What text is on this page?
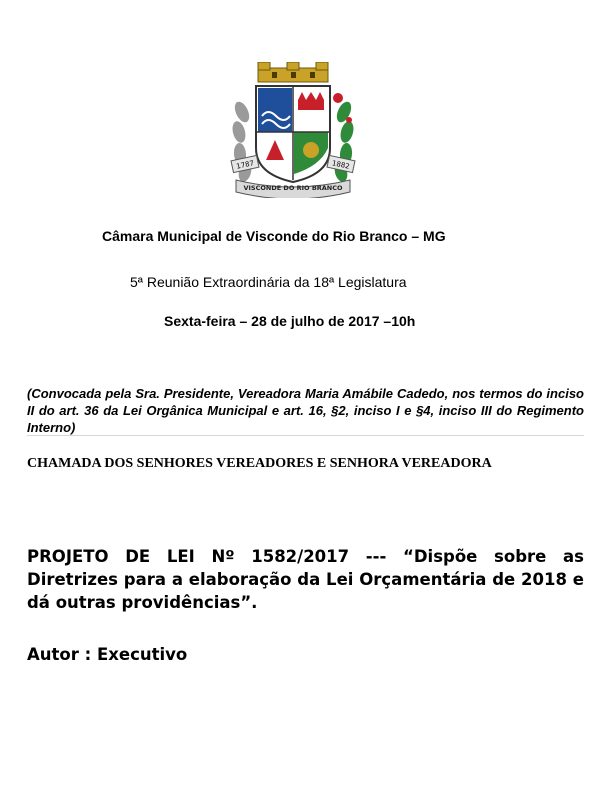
1787	1882
VISCONDE DO RIO BRANCO
Câmara Municipal de Visconde do Rio Branco – MG
5ª Reunião Extraordinária da 18ª Legislatura
Sexta-feira – 28 de julho de 2017 –10h
(Convocada pela Sra. Presidente, Vereadora Maria Amábile Cadedo, nos termos do inciso II do art. 36 da Lei Orgânica Municipal e art. 16, §2, inciso I e §4, inciso III do Regimento Interno)
CHAMADA DOS SENHORES VEREADORES E SENHORA VEREADORA
PROJETO DE LEI Nº 1582/2017 --- “Dispõe sobre as Diretrizes para a elaboração da Lei Orçamentária de 2018 e dá outras providências”.
Autor : Executivo
